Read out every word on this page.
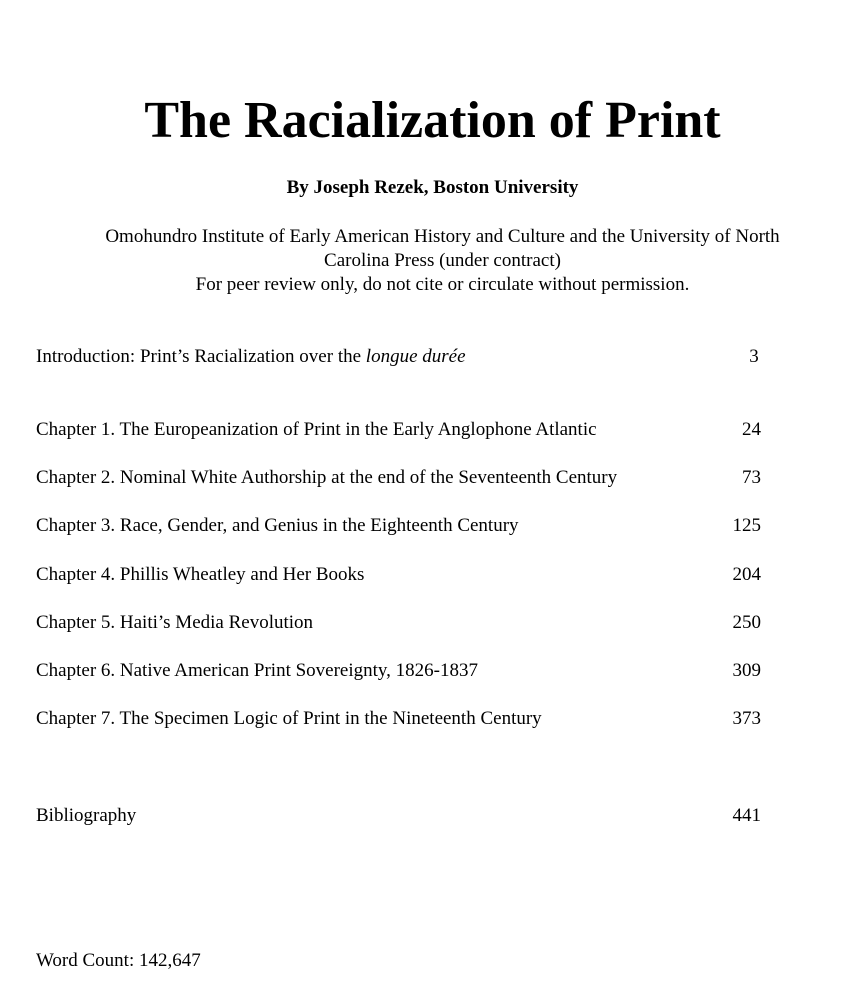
The Racialization of Print
By Joseph Rezek, Boston University
Omohundro Institute of Early American History and Culture and the University of North
Carolina Press (under contract)
For peer review only, do not cite or circulate without permission.
Introduction: Print’s Racialization over the longue durée	3
Chapter 1. The Europeanization of Print in the Early Anglophone Atlantic	24
Chapter 2. Nominal White Authorship at the end of the Seventeenth Century	73
Chapter 3. Race, Gender, and Genius in the Eighteenth Century	125
Chapter 4. Phillis Wheatley and Her Books	204
Chapter 5. Haiti’s Media Revolution	250
Chapter 6. Native American Print Sovereignty, 1826-1837	309
Chapter 7. The Specimen Logic of Print in the Nineteenth Century	373
Bibliography	441
Word Count: 142,647
